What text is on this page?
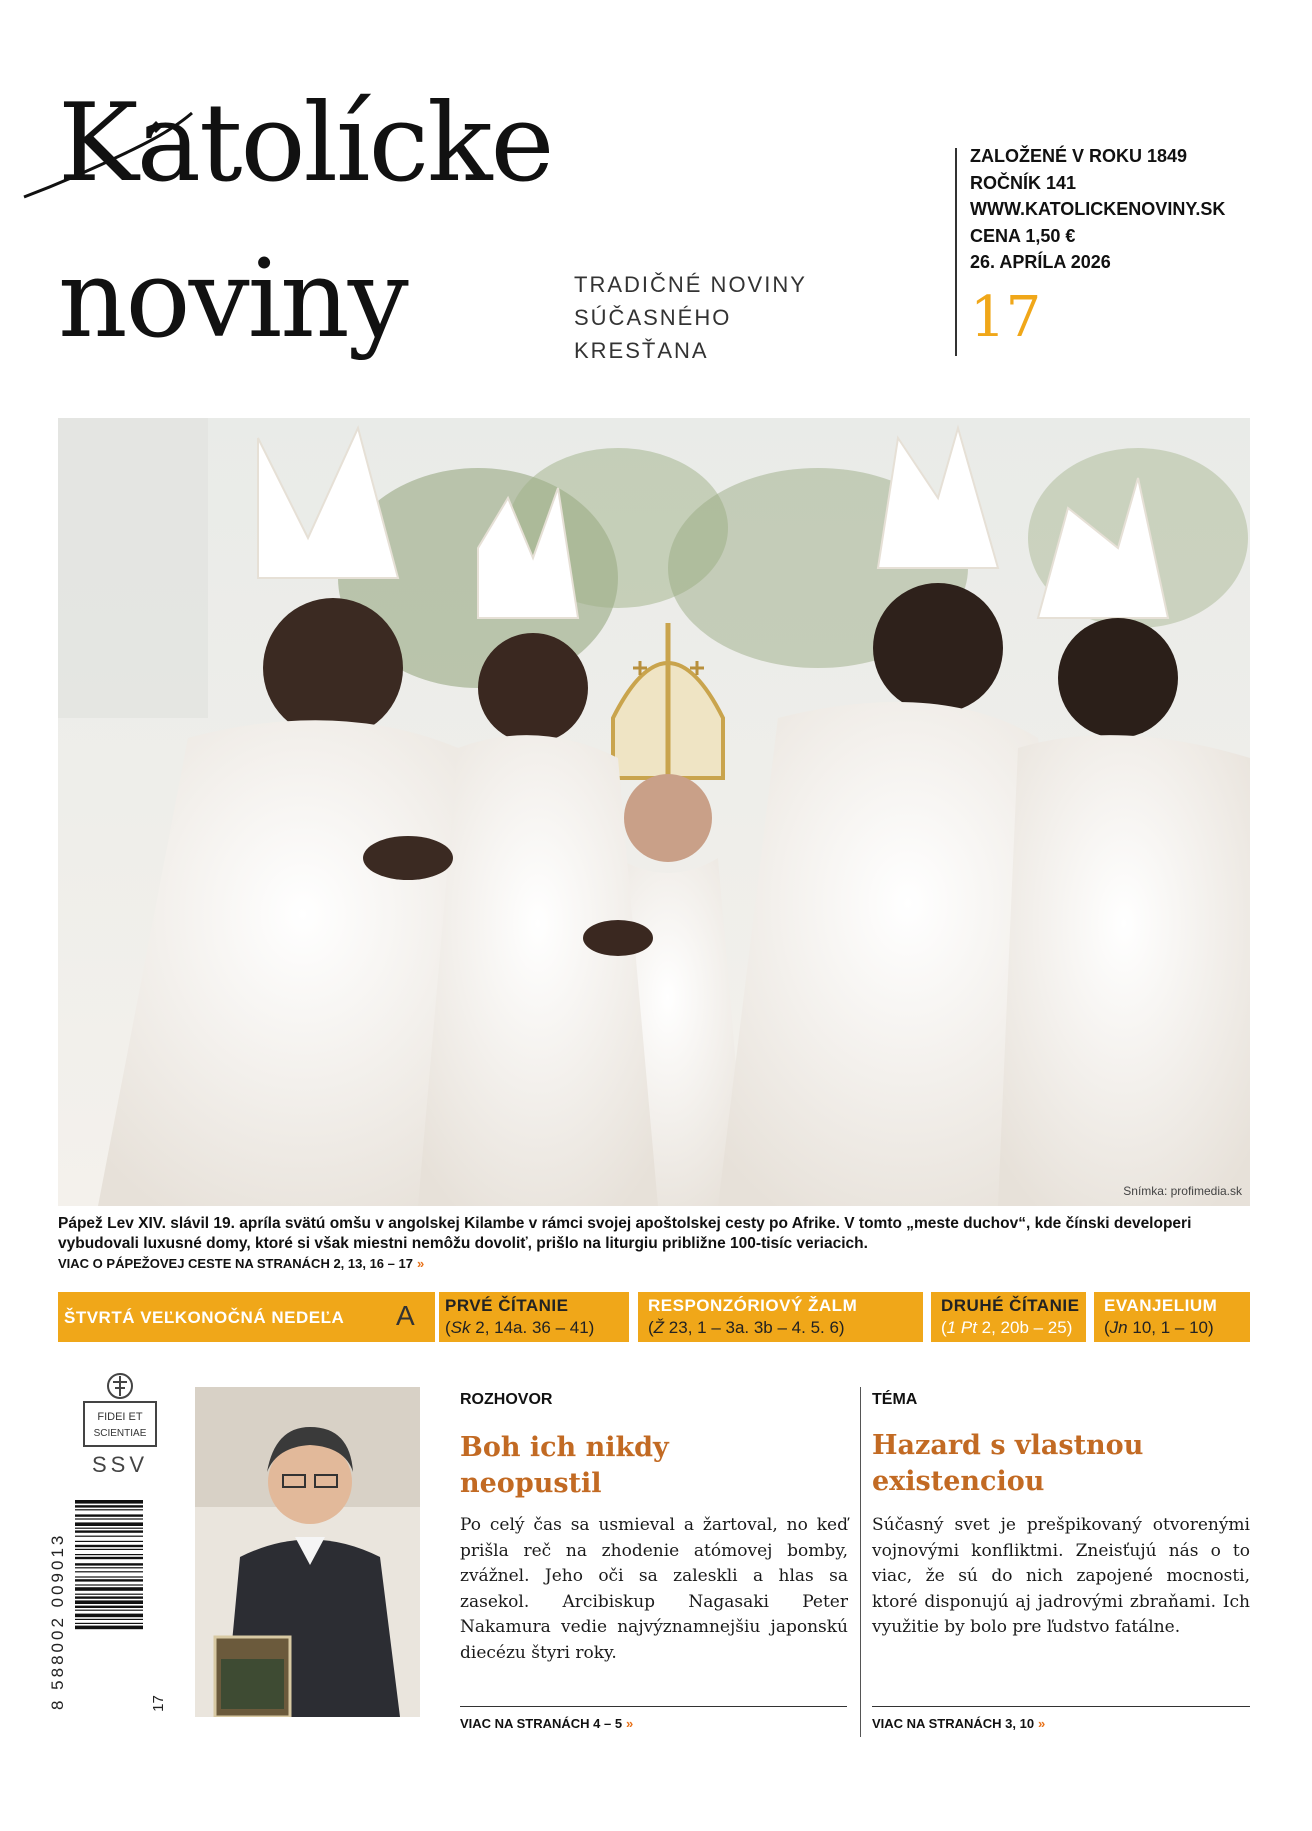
Katolícke
noviny	TRADIČNÉ NOVINY
SÚČASNÉHO
KRESŤANA
ZALOŽENÉ V ROKU 1849
ROČNÍK 141
WWW.KATOLICKENOVINY.SK
CENA 1,50 €
26. APRÍLA 2026
17
Snímka: profimedia.sk
Pápež Lev XIV. slávil 19. apríla svätú omšu v angolskej Kilambe v rámci svojej apoštolskej cesty po Afrike. V tomto „meste duchov“, kde čínski developeri vybudovali luxusné domy, ktoré si však miestni nemôžu dovoliť, prišlo na liturgiu približne 100-tisíc veriacich.
VIAC O PÁPEŽOVEJ CESTE NA STRANÁCH 2, 13, 16 – 17 »
ŠTVRTÁ VEĽKONOČNÁ NEDEĽA A PRVÉ ČÍTANIE
(Sk 2, 14a. 36 – 41)
RESPONZÓRIOVÝ ŽALM
(Ž 23, 1 – 3a. 3b – 4. 5. 6)
DRUHÉ ČÍTANIE
(1 Pt 2, 20b – 25)
EVANJELIUM
(Jn 10, 1 – 10)
FIDEI ET
SCIENTIAE
SSV
8 588002 009013	17
ROZHOVOR
Boh ich nikdy
neopustil
Po celý čas sa usmieval a žartoval, no keď prišla reč na zhodenie atómovej bomby, zvážnel. Jeho oči sa zaleskli a hlas sa zasekol. Arcibiskup Nagasaki Peter Nakamura vedie najvýznamnejšiu japonskú diecézu štyri roky.
VIAC NA STRANÁCH 4 – 5 »
TÉMA
Hazard s vlastnou
existenciou
Súčasný svet je prešpikovaný otvorenými vojnovými konfliktmi. Zneisťujú nás o to viac, že sú do nich zapojené mocnosti, ktoré disponujú aj jadrovými zbraňami. Ich využitie by bolo pre ľudstvo fatálne.
VIAC NA STRANÁCH 3, 10 »
